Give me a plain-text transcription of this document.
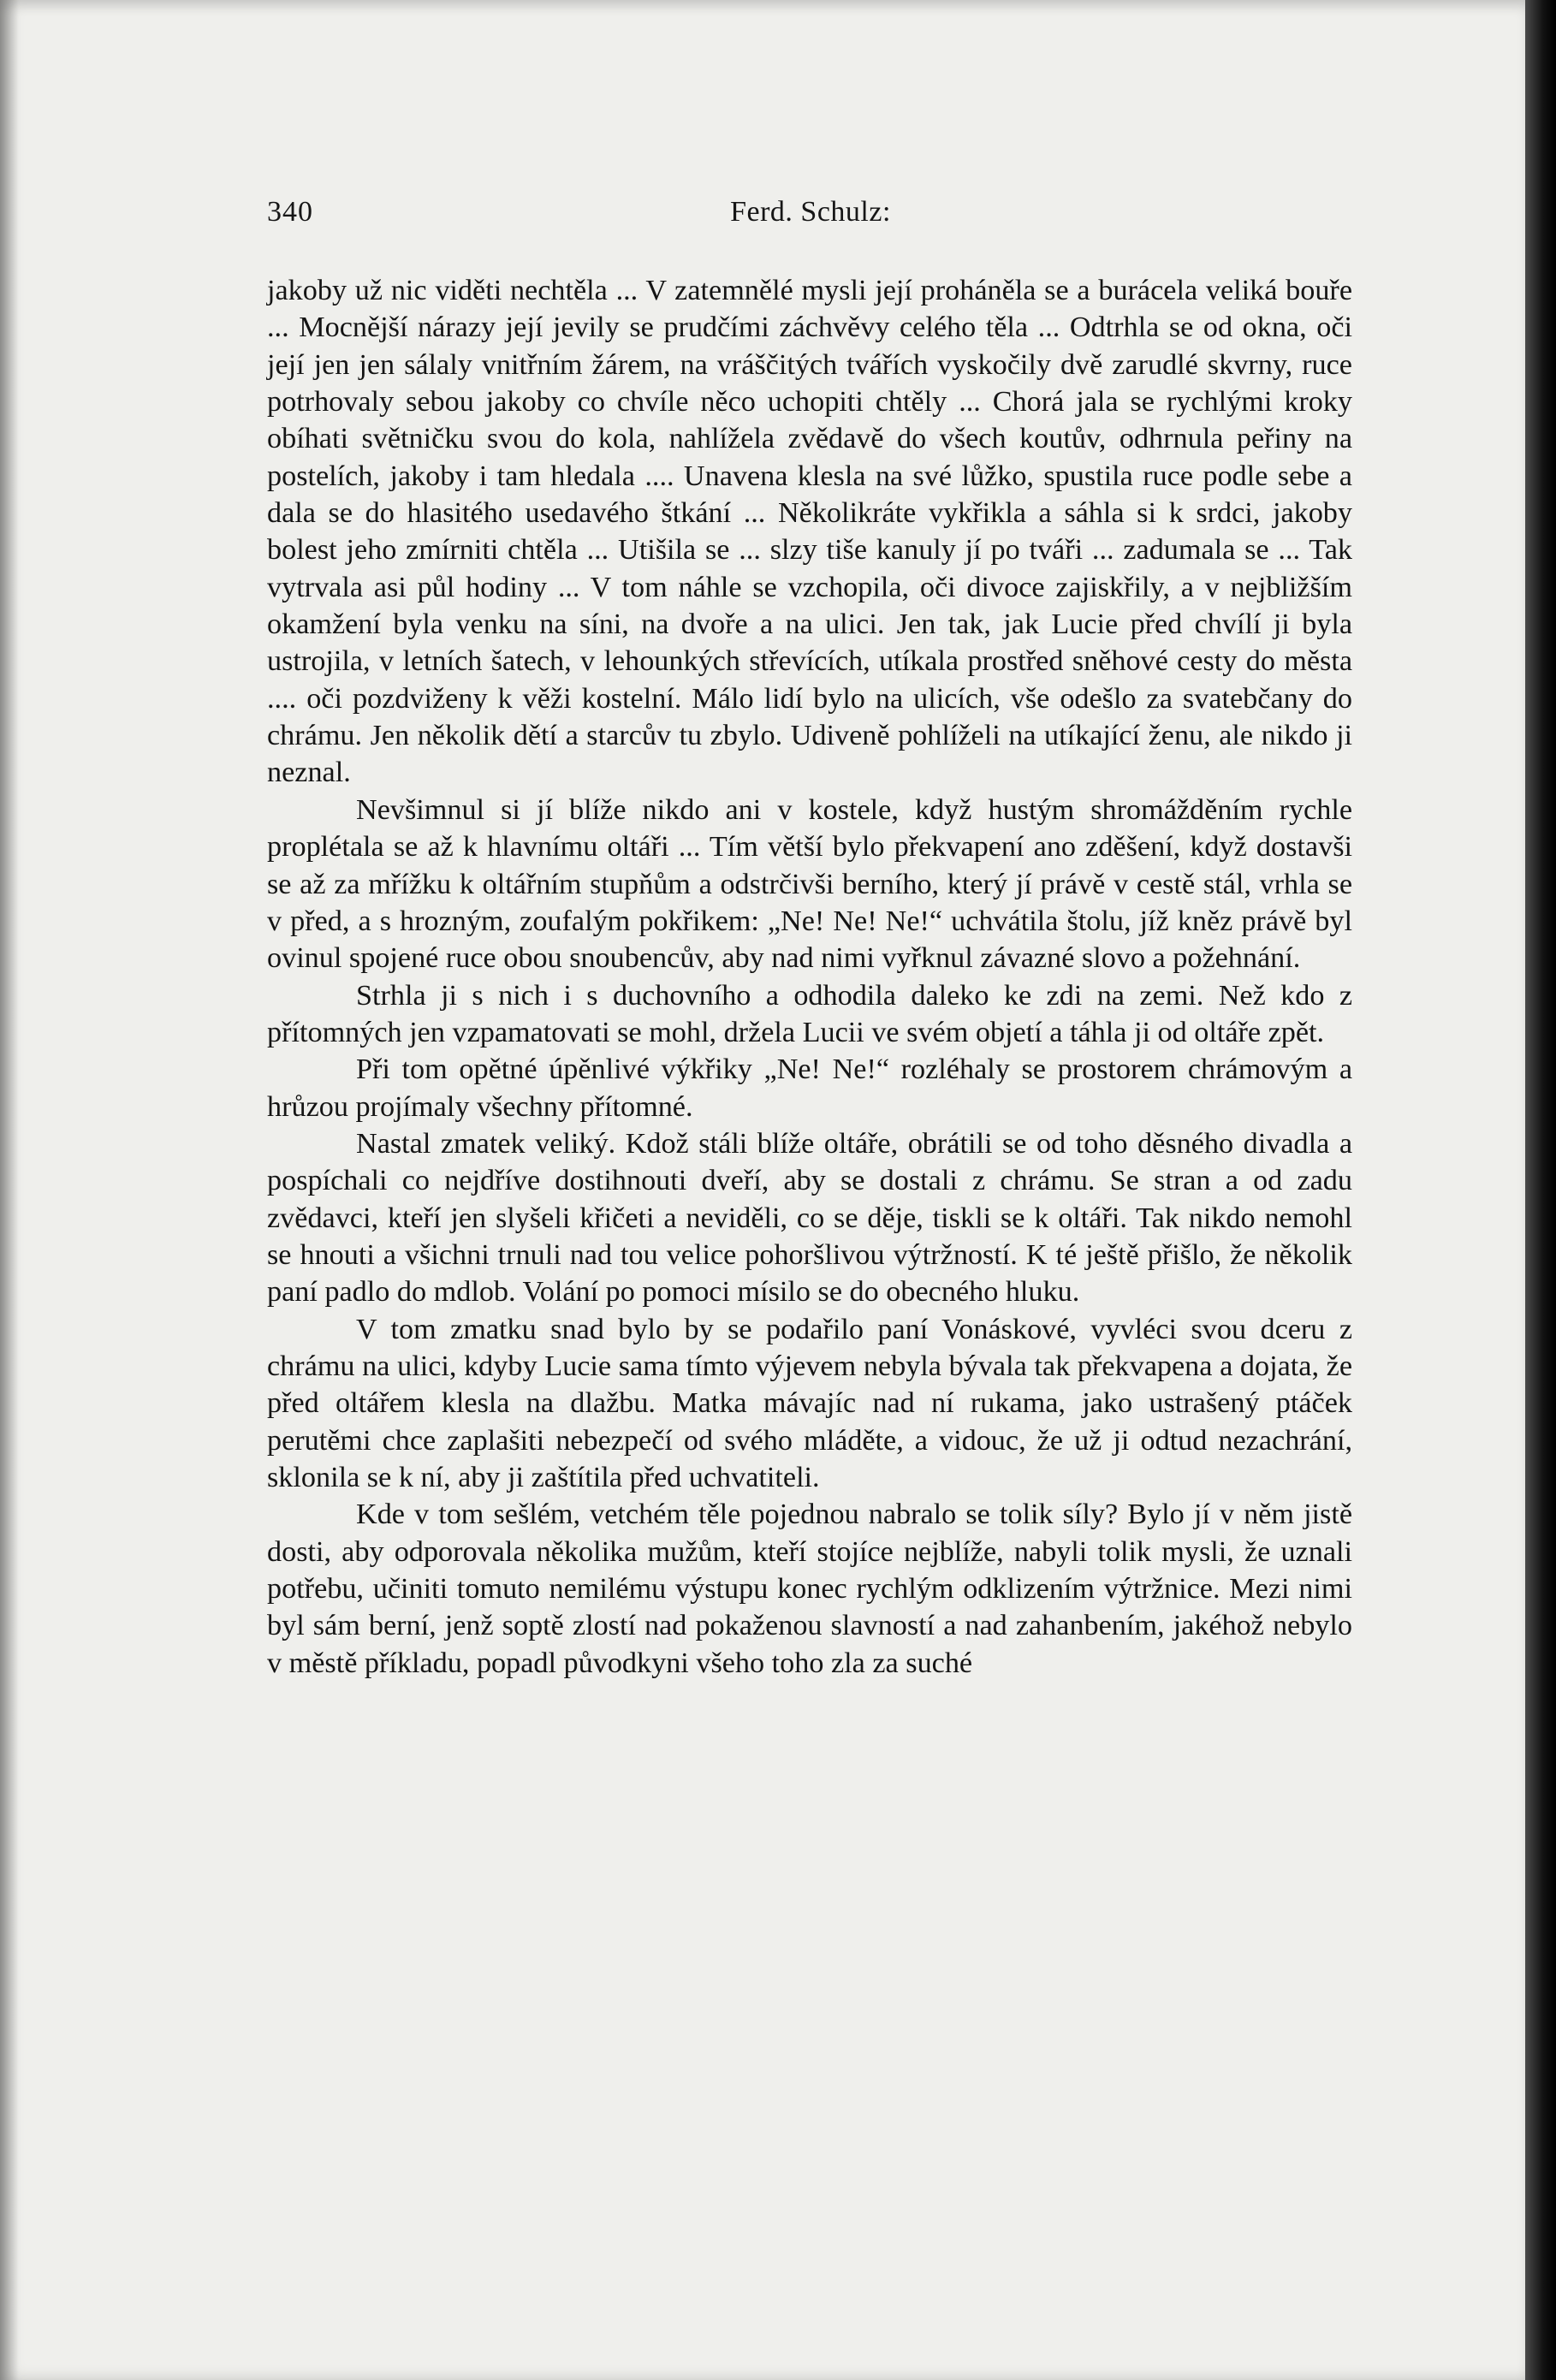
340	Ferd. Schulz:

jakoby už nic viděti nechtěla ... V zatemnělé mysli její proháněla se a burácela veliká bouře ... Mocnější nárazy její jevily se prudčími záchvěvy celého těla ... Odtrhla se od okna, oči její jen jen sálaly vnitřním žárem, na vráščitých tvářích vyskočily dvě zarudlé skvrny, ruce potrhovaly sebou jakoby co chvíle něco uchopiti chtěly ... Chorá jala se rychlými kroky obíhati světničku svou do kola, nahlížela zvědavě do všech koutův, odhrnula peřiny na postelích, jakoby i tam hledala .... Unavena klesla na své lůžko, spustila ruce podle sebe a dala se do hlasitého usedavého štkání ... Několikráte vykřikla a sáhla si k srdci, jakoby bolest jeho zmírniti chtěla ... Utišila se ... slzy tiše kanuly jí po tváři ... zadumala se ... Tak vytrvala asi půl hodiny ... V tom náhle se vzchopila, oči divoce zajiskřily, a v nejbližším okamžení byla venku na síni, na dvoře a na ulici. Jen tak, jak Lucie před chvílí ji byla ustrojila, v letních šatech, v lehounkých střevících, utíkala prostřed sněhové cesty do města .... oči pozdviženy k věži kostelní. Málo lidí bylo na ulicích, vše odešlo za svatebčany do chrámu. Jen několik dětí a starcův tu zbylo. Udiveně pohlíželi na utíkající ženu, ale nikdo ji neznal.

Nevšimnul si jí blíže nikdo ani v kostele, když hustým shromážděním rychle proplétala se až k hlavnímu oltáři ... Tím větší bylo překvapení ano zděšení, když dostavši se až za mřížku k oltářním stupňům a odstrčivši berního, který jí právě v cestě stál, vrhla se v před, a s hrozným, zoufalým pokřikem: „Ne! Ne! Ne!“ uchvátila štolu, jíž kněz právě byl ovinul spojené ruce obou snoubencův, aby nad nimi vyřknul závazné slovo a požehnání.

Strhla ji s nich i s duchovního a odhodila daleko ke zdi na zemi. Než kdo z přítomných jen vzpamatovati se mohl, držela Lucii ve svém objetí a táhla ji od oltáře zpět.

Při tom opětné úpěnlivé výkřiky „Ne! Ne!“ rozléhaly se prostorem chrámovým a hrůzou projímaly všechny přítomné.

Nastal zmatek veliký. Kdož stáli blíže oltáře, obrátili se od toho děsného divadla a pospíchali co nejdříve dostihnouti dveří, aby se dostali z chrámu. Se stran a od zadu zvědavci, kteří jen slyšeli křičeti a neviděli, co se děje, tiskli se k oltáři. Tak nikdo nemohl se hnouti a všichni trnuli nad tou velice pohoršlivou výtržností. K té ještě přišlo, že několik paní padlo do mdlob. Volání po pomoci mísilo se do obecného hluku.

V tom zmatku snad bylo by se podařilo paní Vonáskové, vyvléci svou dceru z chrámu na ulici, kdyby Lucie sama tímto výjevem nebyla bývala tak překvapena a dojata, že před oltářem klesla na dlažbu. Matka mávajíc nad ní rukama, jako ustrašený ptáček perutěmi chce zaplašiti nebezpečí od svého mláděte, a vidouc, že už ji odtud nezachrání, sklonila se k ní, aby ji zaštítila před uchvatiteli.

Kde v tom sešlém, vetchém těle pojednou nabralo se tolik síly? Bylo jí v něm jistě dosti, aby odporovala několika mužům, kteří stojíce nejblíže, nabyli tolik mysli, že uznali potřebu, učiniti tomuto nemilému výstupu konec rychlým odklizením výtržnice. Mezi nimi byl sám berní, jenž soptě zlostí nad pokaženou slavností a nad zahanbením, jakéhož nebylo v městě příkladu, popadl původkyni všeho toho zla za suché
